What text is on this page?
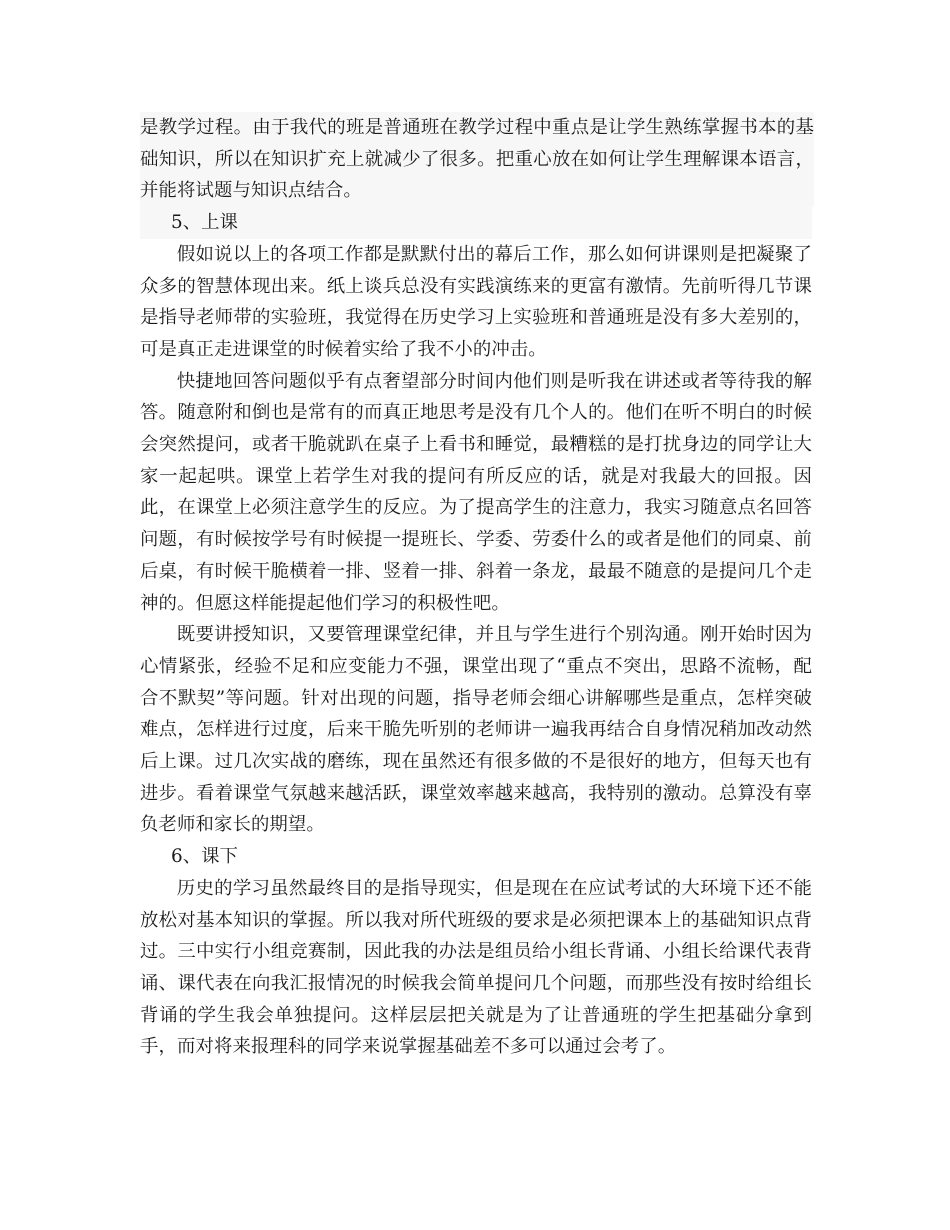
是教学过程。由于我代的班是普通班在教学过程中重点是让学生熟练掌握书本的基础知识，所以在知识扩充上就减少了很多。把重心放在如何让学生理解课本语言，并能将试题与知识点结合。

5、上课

假如说以上的各项工作都是默默付出的幕后工作，那么如何讲课则是把凝聚了众多的智慧体现出来。纸上谈兵总没有实践演练来的更富有激情。先前听得几节课是指导老师带的实验班，我觉得在历史学习上实验班和普通班是没有多大差别的，可是真正走进课堂的时候着实给了我不小的冲击。

快捷地回答问题似乎有点奢望部分时间内他们则是听我在讲述或者等待我的解答。随意附和倒也是常有的而真正地思考是没有几个人的。他们在听不明白的时候会突然提问，或者干脆就趴在桌子上看书和睡觉，最糟糕的是打扰身边的同学让大家一起起哄。课堂上若学生对我的提问有所反应的话，就是对我最大的回报。因此，在课堂上必须注意学生的反应。为了提高学生的注意力，我实习随意点名回答问题，有时候按学号有时候提一提班长、学委、劳委什么的或者是他们的同桌、前后桌，有时候干脆横着一排、竖着一排、斜着一条龙，最最不随意的是提问几个走神的。但愿这样能提起他们学习的积极性吧。

既要讲授知识，又要管理课堂纪律，并且与学生进行个别沟通。刚开始时因为心情紧张，经验不足和应变能力不强，课堂出现了“重点不突出，思路不流畅，配合不默契”等问题。针对出现的问题，指导老师会细心讲解哪些是重点，怎样突破难点，怎样进行过度，后来干脆先听别的老师讲一遍我再结合自身情况稍加改动然后上课。过几次实战的磨练，现在虽然还有很多做的不是很好的地方，但每天也有进步。看着课堂气氛越来越活跃，课堂效率越来越高，我特别的激动。总算没有辜负老师和家长的期望。

6、课下

历史的学习虽然最终目的是指导现实，但是现在在应试考试的大环境下还不能放松对基本知识的掌握。所以我对所代班级的要求是必须把课本上的基础知识点背过。三中实行小组竞赛制，因此我的办法是组员给小组长背诵、小组长给课代表背诵、课代表在向我汇报情况的时候我会简单提问几个问题，而那些没有按时给组长背诵的学生我会单独提问。这样层层把关就是为了让普通班的学生把基础分拿到手，而对将来报理科的同学来说掌握基础差不多可以通过会考了。
